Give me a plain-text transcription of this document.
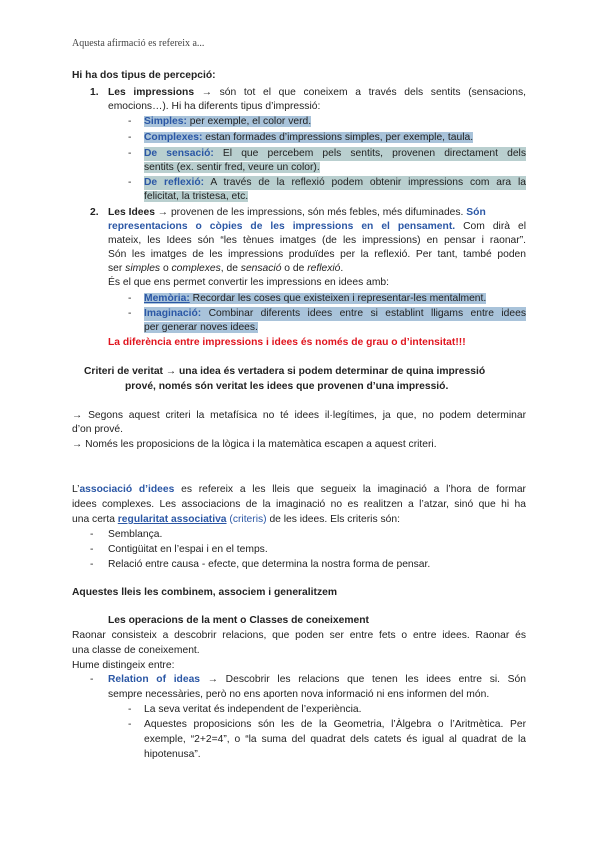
Aquesta afirmació es refereix a...
Hi ha dos tipus de percepció:
1. Les impressions → són tot el que coneixem a través dels sentits (sensacions,
emocions…). Hi ha diferents tipus d’impressió:
- Simples: per exemple, el color verd.
- Complexes: estan formades d’impressions simples, per exemple, taula.
- De sensació: El que percebem pels sentits, provenen directament dels
sentits (ex. sentir fred, veure un color).
- De reflexió: A través de la reflexió podem obtenir impressions com ara la
felicitat, la tristesa, etc.
2. Les Idees → provenen de les impressions, són més febles, més difuminades. Són
representacions o còpies de les impressions en el pensament. Com dirà el
mateix, les Idees són “les tènues imatges (de les impressions) en pensar i raonar”.
Són les imatges de les impressions produïdes per la reflexió. Per tant, també poden
ser simples o complexes, de sensació o de reflexió.
És el que ens permet convertir les impressions en idees amb:
- Memòria: Recordar les coses que existeixen i representar-les mentalment.
- Imaginació: Combinar diferents idees entre si establint lligams entre idees
per generar noves idees.
La diferència entre impressions i idees és només de grau o d’intensitat!!!
Criteri de veritat → una idea és vertadera si podem determinar de quina impressió
prové, només són veritat les idees que provenen d’una impressió.
→ Segons aquest criteri la metafísica no té idees il·legítimes, ja que, no podem determinar
d’on prové.
→ Només les proposicions de la lògica i la matemàtica escapen a aquest criteri.
L’associació d’idees es refereix a les lleis que segueix la imaginació a l’hora de formar
idees complexes. Les associacions de la imaginació no es realitzen a l’atzar, sinó que hi ha
una certa regularitat associativa (criteris) de les idees. Els criteris són:
- Semblança.
- Contigüitat en l’espai i en el temps.
- Relació entre causa - efecte, que determina la nostra forma de pensar.
Aquestes lleis les combinem, associem i generalitzem
Les operacions de la ment o Classes de coneixement
Raonar consisteix a descobrir relacions, que poden ser entre fets o entre idees. Raonar és
una classe de coneixement.
Hume distingeix entre:
- Relation of ideas → Descobrir les relacions que tenen les idees entre si. Són
sempre necessàries, però no ens aporten nova informació ni ens informen del món.
- La seva veritat és independent de l’experiència.
- Aquestes proposicions són les de la Geometria, l’Àlgebra o l’Aritmètica. Per
exemple, “2+2=4”, o “la suma del quadrat dels catets és igual al quadrat de la
hipotenusa”.
